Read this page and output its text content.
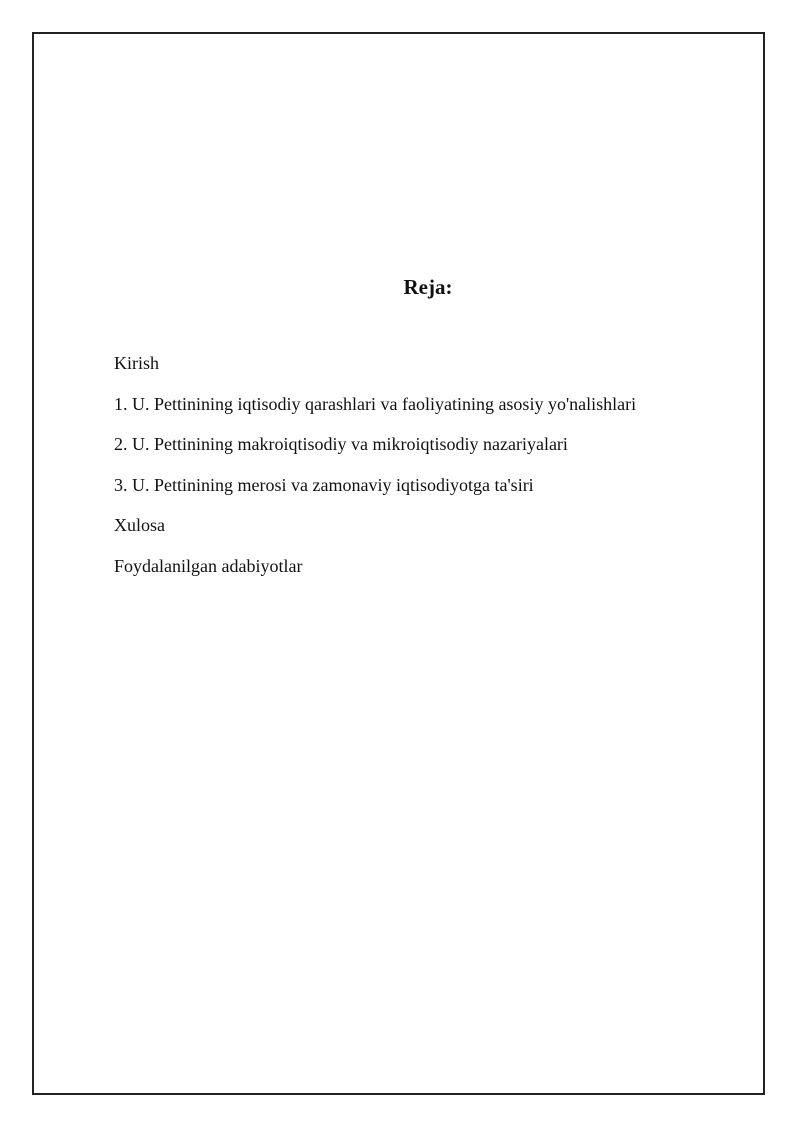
Reja:
Kirish
1. U. Pettinining iqtisodiy qarashlari va faoliyatining asosiy yo'nalishlari
2. U. Pettinining makroiqtisodiy va mikroiqtisodiy nazariyalari
3. U. Pettinining merosi va zamonaviy iqtisodiyotga ta'siri
Xulosa
Foydalanilgan adabiyotlar
